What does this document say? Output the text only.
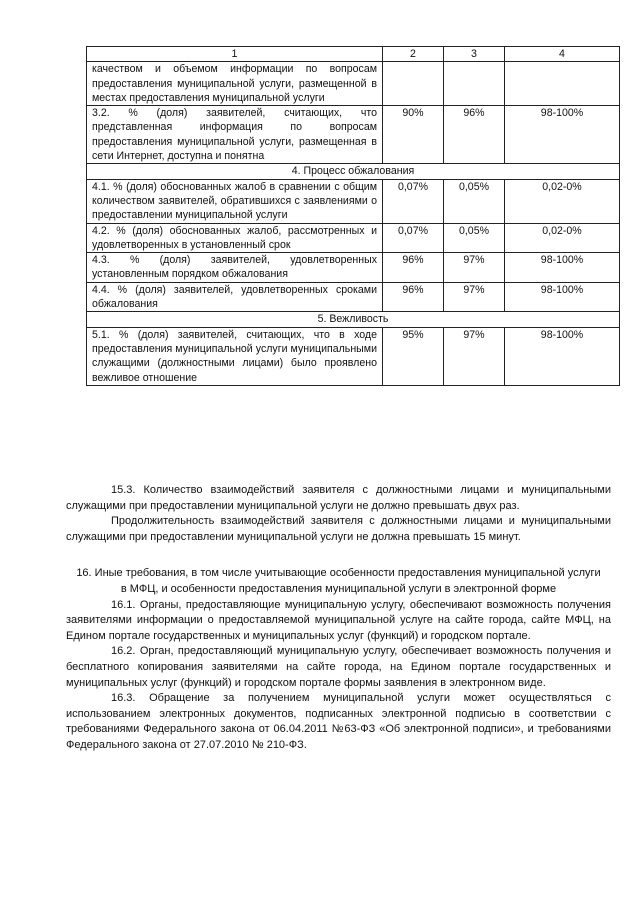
1	2	3	4
качеством и объемом информации по вопросам предоставления муниципальной услуги, размещенной в местах предоставления муниципальной услуги			
3.2. % (доля) заявителей, считающих, что представленная информация по вопросам предоставления муниципальной услуги, размещенная в сети Интернет, доступна и понятна	90%	96%	98-100%
4. Процесс обжалования			
4.1. % (доля) обоснованных жалоб в сравнении с общим количеством заявителей, обратившихся с заявлениями о предоставлении муниципальной услуги	0,07%	0,05%	0,02-0%
4.2. % (доля) обоснованных жалоб, рассмотренных и удовлетворенных в установленный срок	0,07%	0,05%	0,02-0%
4.3. % (доля) заявителей, удовлетворенных установленным порядком обжалования	96%	97%	98-100%
4.4. % (доля) заявителей, удовлетворенных сроками обжалования	96%	97%	98-100%
5. Вежливость			
5.1. % (доля) заявителей, считающих, что в ходе предоставления муниципальной услуги муниципальными служащими (должностными лицами) было проявлено вежливое отношение	95%	97%	98-100%

15.3. Количество взаимодействий заявителя с должностными лицами и муниципальными служащими при предоставлении муниципальной услуги не должно превышать двух раз.

Продолжительность взаимодействий заявителя с должностными лицами и муниципальными служащими при предоставлении муниципальной услуги не должна превышать 15 минут.

16. Иные требования, в том числе учитывающие особенности предоставления муниципальной услуги в МФЦ, и особенности предоставления муниципальной услуги в электронной форме

16.1. Органы, предоставляющие муниципальную услугу, обеспечивают возможность получения заявителями информации о предоставляемой муниципальной услуге на сайте города, сайте МФЦ, на Едином портале государственных и муниципальных услуг (функций) и городском портале.

16.2. Орган, предоставляющий муниципальную услугу, обеспечивает возможность получения и бесплатного копирования заявителями на сайте города, на Едином портале государственных и муниципальных услуг (функций) и городском портале формы заявления в электронном виде.

16.3. Обращение за получением муниципальной услуги может осуществляться с использованием электронных документов, подписанных электронной подписью в соответствии с требованиями Федерального закона от 06.04.2011 №63-ФЗ «Об электронной подписи», и требованиями Федерального закона от 27.07.2010 № 210-ФЗ.
